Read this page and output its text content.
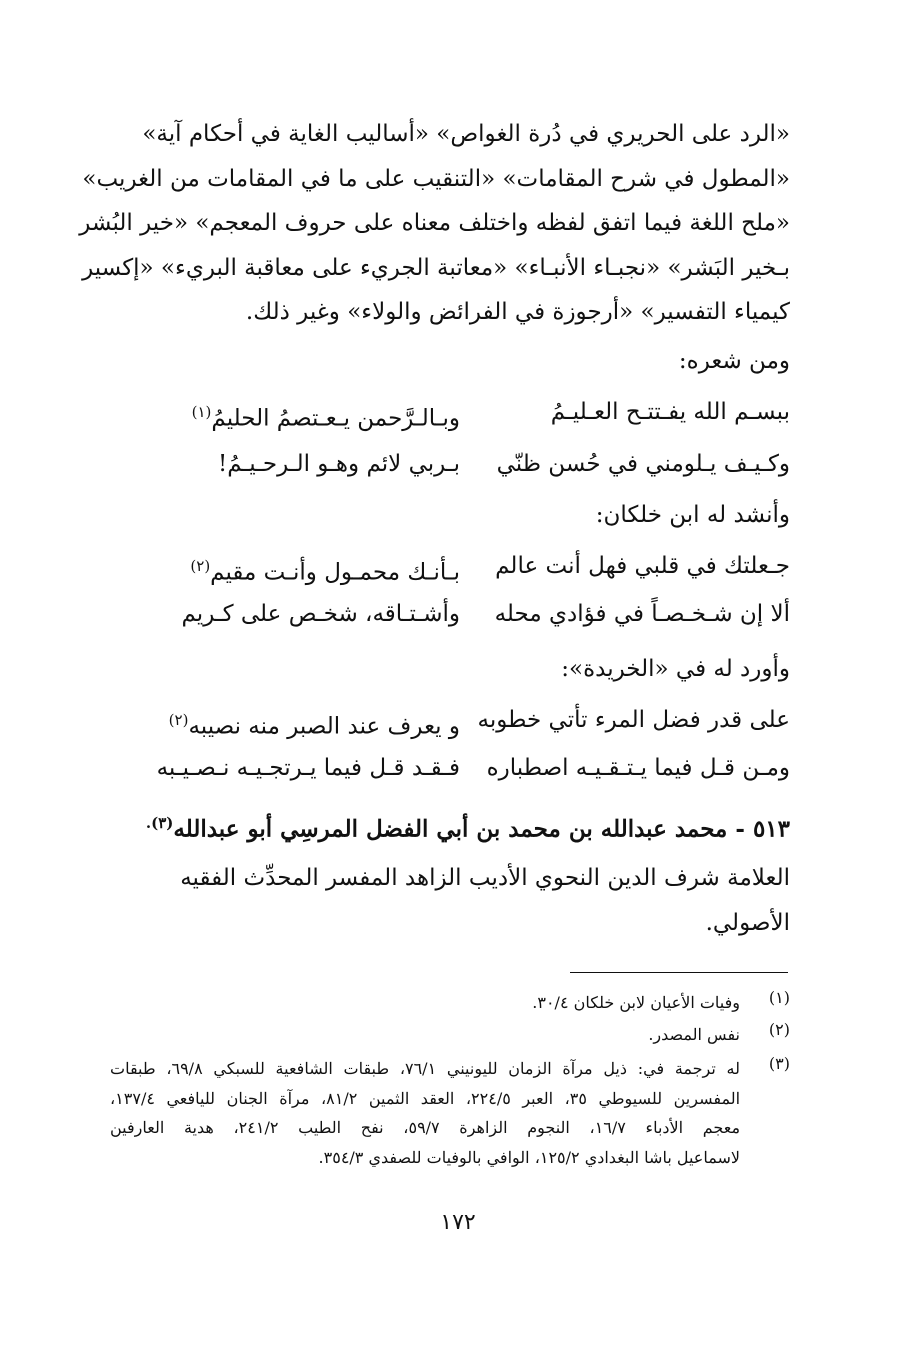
«الرد على الحريري في دُرة الغواص» «أساليب الغاية في أحكام آية»
«المطول في شرح المقامات» «التنقيب على ما في المقامات من الغريب»
«ملح اللغة فيما اتفق لفظه واختلف معناه على حروف المعجم» «خير البُشر
بـخير البَشر» «نجبـاء الأنبـاء» «معاتبة الجريء على معاقبة البريء» «إكسير
كيمياء التفسير» «أرجوزة في الفرائض والولاء» وغير ذلك.
ومن شعره:
ببسـم الله يفـتتـح العـليـمُ
وبـالـرَّحمن يـعـتصمُ الحليمُ$^{(١)}$
وكـيـف يـلومني في حُسن ظنّي
بـربي لائم وهـو الـرحـيـمُ!
وأنشد له ابن خلكان:
جـعلتك في قلبي فهل أنت عالم
بـأنـك محمـول وأنـت مقيم$^{(٢)}$
ألا إن شـخـصـاً في فؤادي محله
وأشـتـاقه، شخـص على كـريم
وأورد له في «الخريدة»:
على قدر فضل المرء تأتي خطوبه
و يعرف عند الصبر منه نصيبه$^{(٢)}$
ومـن قـل فيما يـتـقـيـه اصطباره
فـقـد قـل فيما يـرتجـيـه نـصـيـبه
٥١٣ - محمد عبدالله بن محمد بن أبي الفضل المرسِي أبو عبدالله$^{(٣).}$
العلامة شرف الدين النحوي الأديب الزاهد المفسر المحدِّث الفقيه
الأصولي.
(١)
وفيات الأعيان لابن خلكان ٣٠/٤.
(٢)
نفس المصدر.
(٣)
له ترجمة في: ذيل مرآة الزمان لليونيني ٧٦/١، طبقات الشافعية للسبكي ٦٩/٨، طبقات
المفسرين للسيوطي ٣٥، العبر ٢٢٤/٥، العقد الثمين ٨١/٢، مرآة الجنان لليافعي ١٣٧/٤،
معجم الأدباء ١٦/٧، النجوم الزاهرة ٥٩/٧، نفح الطيب ٢٤١/٢، هدية العارفين
لاسماعيل باشا البغدادي ١٢٥/٢، الوافي بالوفيات للصفدي ٣٥٤/٣.
١٧٢
